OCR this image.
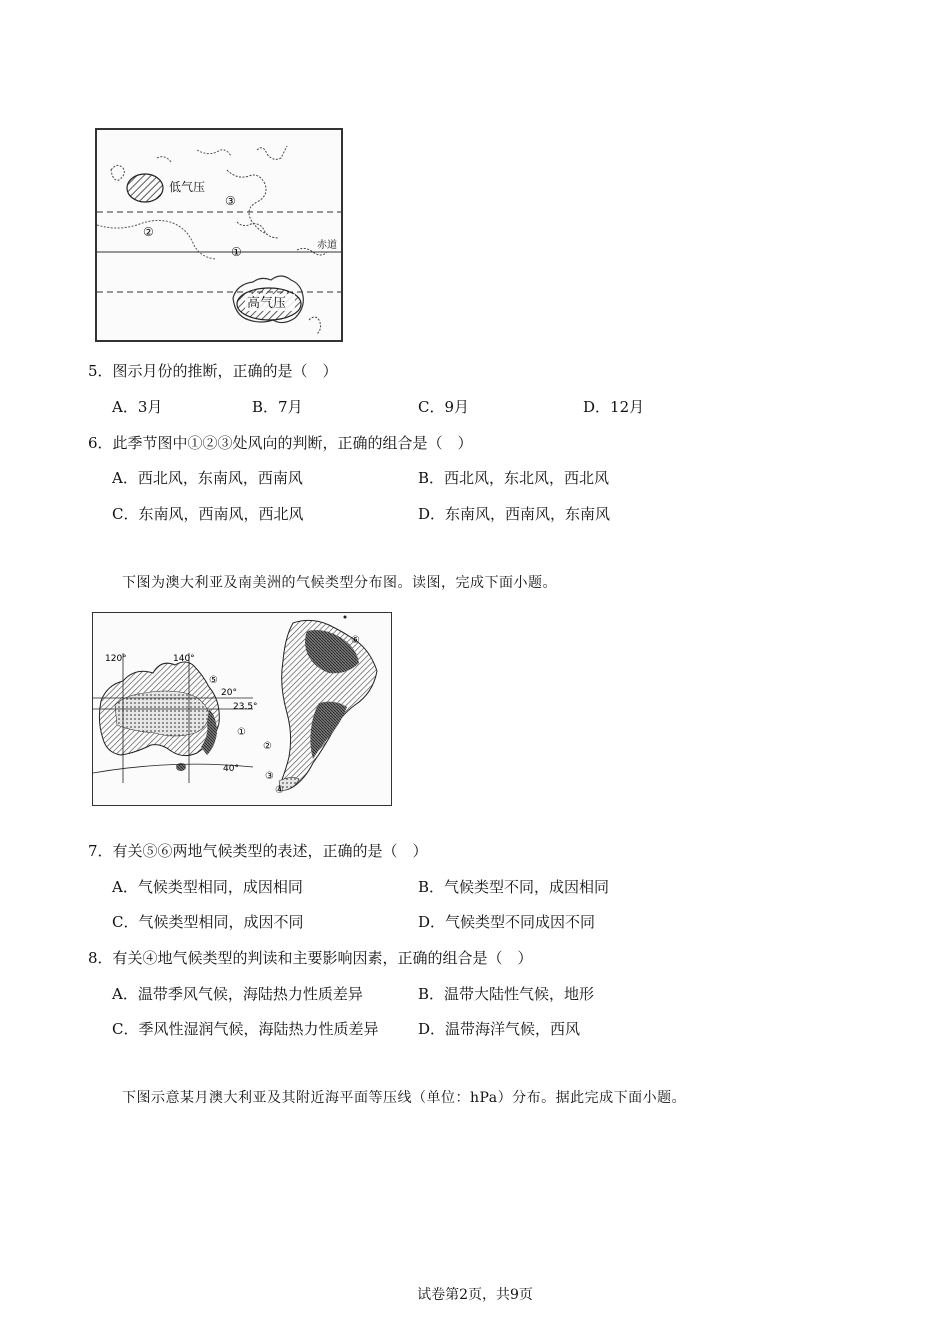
低气压
高气压
赤道
③
②
①
5．图示月份的推断，正确的是（　）
A．3月	B．7月	C．9月	D．12月
6．此季节图中①②③处风向的判断，正确的组合是（　）
A．西北风，东南风，西南风	B．西北风，东北风，西北风
C．东南风，西南风，西北风	D．东南风，西南风，东南风
下图为澳大利亚及南美洲的气候类型分布图。读图，完成下面小题。
120°	140°
20°
23.5°
40°
⑤
①
⑥
②
③
④
7．有关⑤⑥两地气候类型的表述，正确的是（　）
A．气候类型相同，成因相同	B．气候类型不同，成因相同
C．气候类型相同，成因不同	D．气候类型不同成因不同
8．有关④地气候类型的判读和主要影响因素，正确的组合是（　）
A．温带季风气候，海陆热力性质差异	B．温带大陆性气候，地形
C．季风性湿润气候，海陆热力性质差异	D．温带海洋气候，西风
下图示意某月澳大利亚及其附近海平面等压线（单位：hPa）分布。据此完成下面小题。
试卷第2页，共9页
